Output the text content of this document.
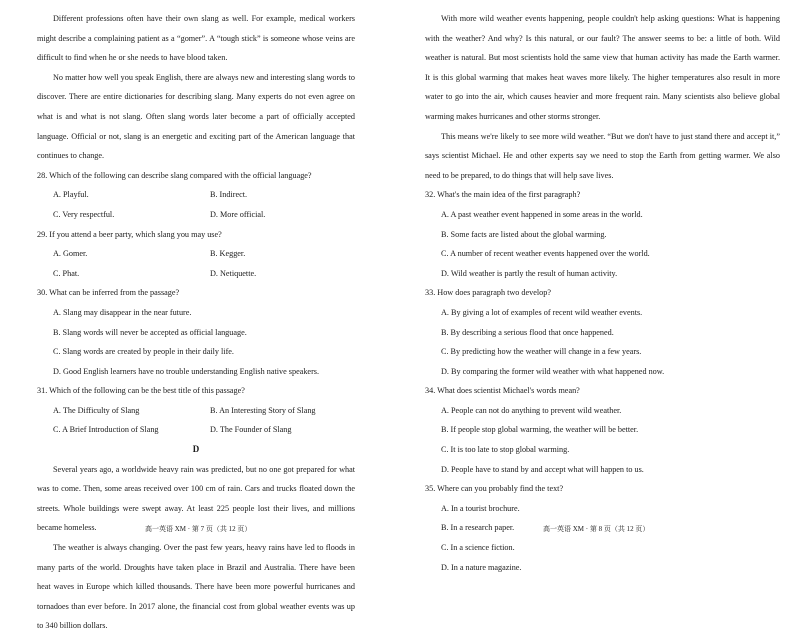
Different professions often have their own slang as well. For example, medical workers might describe a complaining patient as a “gomer”. A “tough stick” is someone whose veins are difficult to find when he or she needs to have blood taken.

No matter how well you speak English, there are always new and interesting slang words to discover. There are entire dictionaries for describing slang. Many experts do not even agree on what is and what is not slang. Often slang words later become a part of officially accepted language. Official or not, slang is an energetic and exciting part of the American language that continues to change.

28. Which of the following can describe slang compared with the official language?

A. Playful.	B. Indirect.
C. Very respectful.	D. More official.

29. If you attend a beer party, which slang you may use?

A. Gomer.	B. Kegger.
C. Phat.	D. Netiquette.

30. What can be inferred from the passage?

A. Slang may disappear in the near future.

B. Slang words will never be accepted as official language.

C. Slang words are created by people in their daily life.

D. Good English learners have no trouble understanding English native speakers.

31. Which of the following can be the best title of this passage?

A. The Difficulty of Slang	B. An Interesting Story of Slang
C. A Brief Introduction of Slang	D. The Founder of Slang

D

Several years ago, a worldwide heavy rain was predicted, but no one got prepared for what was to come. Then, some areas received over 100 cm of rain. Cars and trucks floated down the streets. Whole buildings were swept away. At least 225 people lost their lives, and millions became homeless.

The weather is always changing. Over the past few years, heavy rains have led to floods in many parts of the world. Droughts have taken place in Brazil and Australia. There have been heat waves in Europe which killed thousands. There have been more powerful hurricanes and tornadoes than ever before. In 2017 alone, the financial cost from global weather events was up to 340 billion dollars.

高一英语 XM · 第 7 页（共 12 页）

With more wild weather events happening, people couldn't help asking questions: What is happening with the weather? And why? Is this natural, or our fault? The answer seems to be: a little of both. Wild weather is natural. But most scientists hold the same view that human activity has made the Earth warmer. It is this global warming that makes heat waves more likely. The higher temperatures also result in more water to go into the air, which causes heavier and more frequent rain. Many scientists also believe global warming makes hurricanes and other storms stronger.

This means we're likely to see more wild weather. “But we don't have to just stand there and accept it,” says scientist Michael. He and other experts say we need to stop the Earth from getting warmer. We also need to be prepared, to do things that will help save lives.

32. What's the main idea of the first paragraph?

A. A past weather event happened in some areas in the world.

B. Some facts are listed about the global warming.

C. A number of recent weather events happened over the world.

D. Wild weather is partly the result of human activity.

33. How does paragraph two develop?

A. By giving a lot of examples of recent wild weather events.

B. By describing a serious flood that once happened.

C. By predicting how the weather will change in a few years.

D. By comparing the former wild weather with what happened now.

34. What does scientist Michael's words mean?

A. People can not do anything to prevent wild weather.

B. If people stop global warming, the weather will be better.

C. It is too late to stop global warming.

D. People have to stand by and accept what will happen to us.

35. Where can you probably find the text?

A. In a tourist brochure.

B. In a research paper.

C. In a science fiction.

D. In a nature magazine.

高一英语 XM · 第 8 页（共 12 页）
